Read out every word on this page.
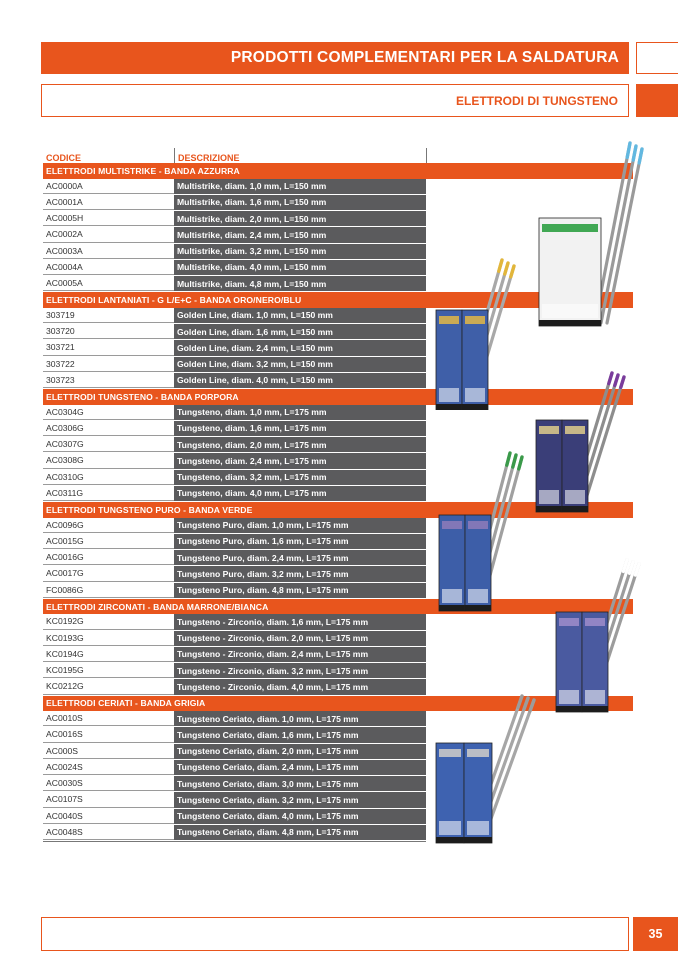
PRODOTTI COMPLEMENTARI PER LA SALDATURA
ELETTRODI DI TUNGSTENO
CODICE	DESCRIZIONE
ELETTRODI MULTISTRIKE - BANDA AZZURRA
AC0000A	Multistrike, diam. 1,0 mm, L=150 mm
AC0001A	Multistrike, diam. 1,6 mm, L=150 mm
AC0005H	Multistrike, diam. 2,0 mm, L=150 mm
AC0002A	Multistrike, diam. 2,4 mm, L=150 mm
AC0003A	Multistrike, diam. 3,2 mm, L=150 mm
AC0004A	Multistrike, diam. 4,0 mm, L=150 mm
AC0005A	Multistrike, diam. 4,8 mm, L=150 mm
ELETTRODI LANTANIATI - G L/E+C - BANDA ORO/NERO/BLU
303719	Golden Line, diam. 1,0 mm, L=150 mm
303720	Golden Line, diam. 1,6 mm, L=150 mm
303721	Golden Line, diam. 2,4 mm, L=150 mm
303722	Golden Line, diam. 3,2 mm, L=150 mm
303723	Golden Line, diam. 4,0 mm, L=150 mm
ELETTRODI TUNGSTENO - BANDA PORPORA
AC0304G	Tungsteno, diam. 1,0 mm, L=175 mm
AC0306G	Tungsteno, diam. 1,6 mm, L=175 mm
AC0307G	Tungsteno, diam. 2,0 mm, L=175 mm
AC0308G	Tungsteno, diam. 2,4 mm, L=175 mm
AC0310G	Tungsteno, diam. 3,2 mm, L=175 mm
AC0311G	Tungsteno, diam. 4,0 mm, L=175 mm
ELETTRODI TUNGSTENO PURO - BANDA VERDE
AC0096G	Tungsteno Puro, diam. 1,0 mm, L=175 mm
AC0015G	Tungsteno Puro, diam. 1,6 mm, L=175 mm
AC0016G	Tungsteno Puro, diam. 2,4 mm, L=175 mm
AC0017G	Tungsteno Puro, diam. 3,2 mm, L=175 mm
FC0086G	Tungsteno Puro, diam. 4,8 mm, L=175 mm
ELETTRODI ZIRCONATI - BANDA MARRONE/BIANCA
KC0192G	Tungsteno - Zirconio, diam. 1,6 mm, L=175 mm
KC0193G	Tungsteno - Zirconio, diam. 2,0 mm, L=175 mm
KC0194G	Tungsteno - Zirconio, diam. 2,4 mm, L=175 mm
KC0195G	Tungsteno - Zirconio, diam. 3,2 mm, L=175 mm
KC0212G	Tungsteno - Zirconio, diam. 4,0 mm, L=175 mm
ELETTRODI CERIATI - BANDA GRIGIA
AC0010S	Tungsteno Ceriato, diam. 1,0 mm, L=175 mm
AC0016S	Tungsteno Ceriato, diam. 1,6 mm, L=175 mm
AC000S	Tungsteno Ceriato, diam. 2,0 mm, L=175 mm
AC0024S	Tungsteno Ceriato, diam. 2,4 mm, L=175 mm
AC0030S	Tungsteno Ceriato, diam. 3,0 mm, L=175 mm
AC0107S	Tungsteno Ceriato, diam. 3,2 mm, L=175 mm
AC0040S	Tungsteno Ceriato, diam. 4,0 mm, L=175 mm
AC0048S	Tungsteno Ceriato, diam. 4,8 mm, L=175 mm
35
